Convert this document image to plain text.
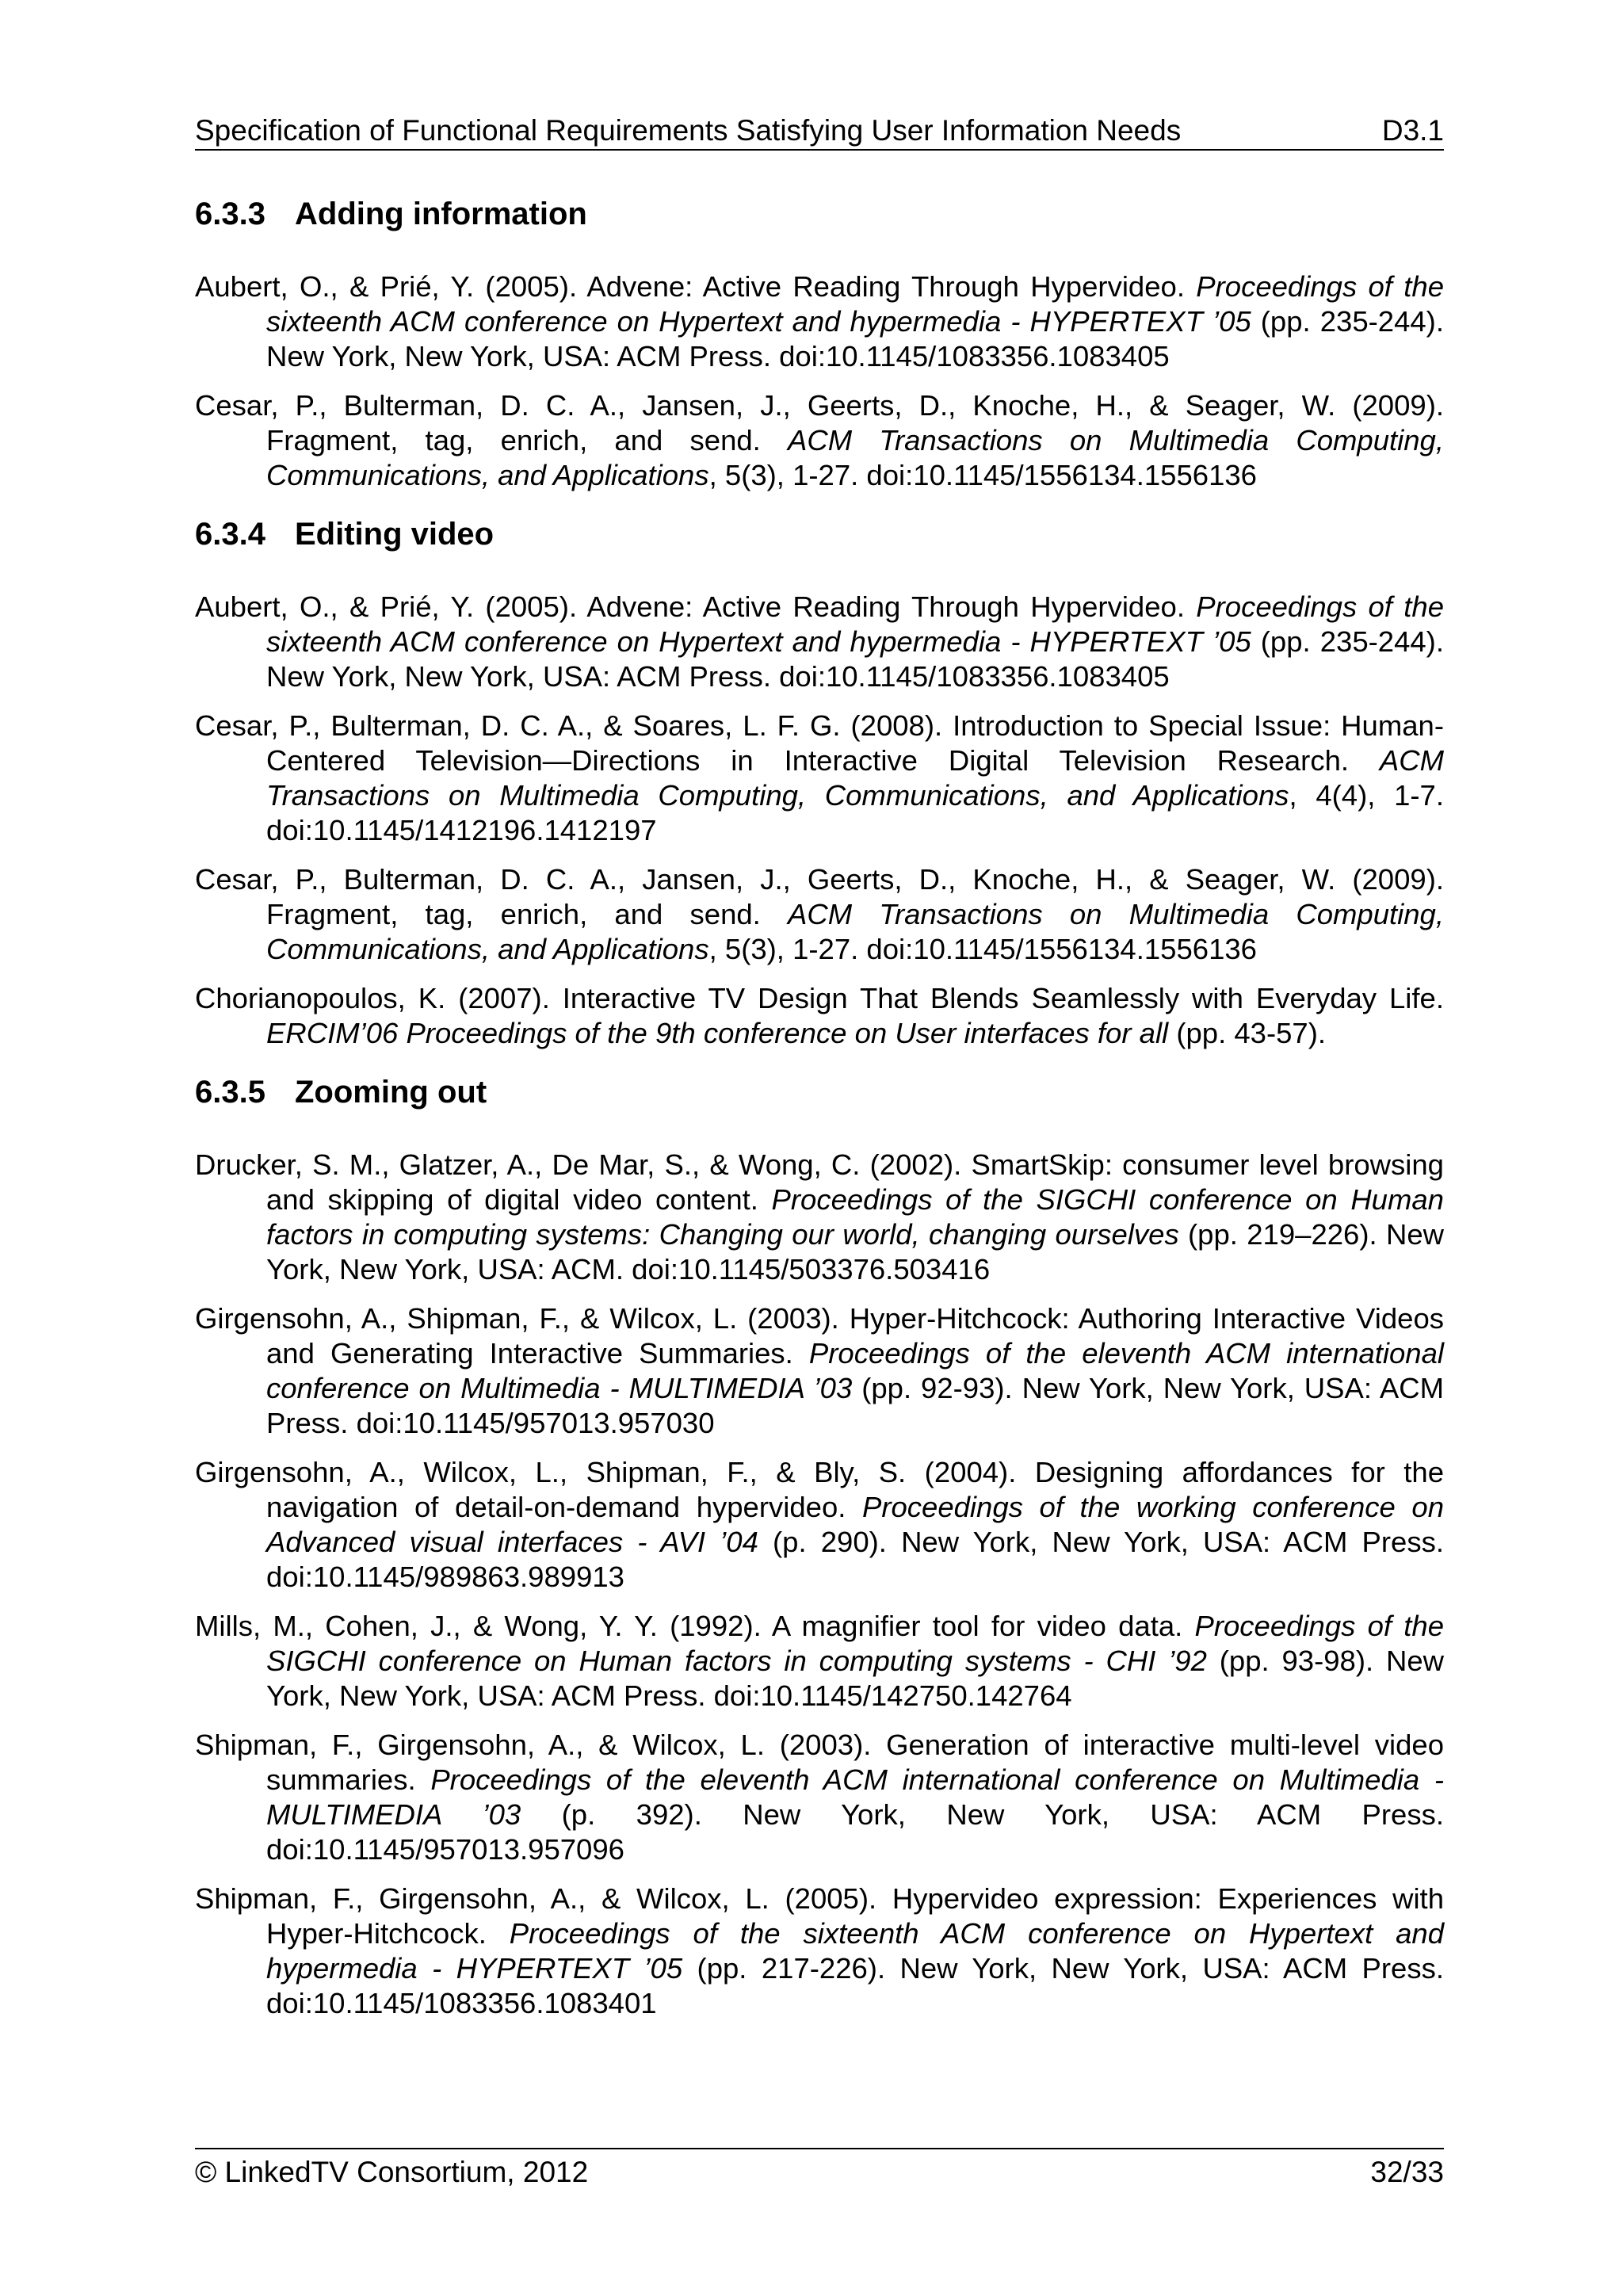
Specification of Functional Requirements Satisfying User Information Needs	D3.1
6.3.3 Adding information

Aubert, O., & Prié, Y. (2005). Advene: Active Reading Through Hypervideo. Proceedings of the sixteenth ACM conference on Hypertext and hypermedia - HYPERTEXT ’05 (pp. 235-244). New York, New York, USA: ACM Press. doi:10.1145/1083356.1083405

Cesar, P., Bulterman, D. C. A., Jansen, J., Geerts, D., Knoche, H., & Seager, W. (2009). Fragment, tag, enrich, and send. ACM Transactions on Multimedia Computing, Communications, and Applications, 5(3), 1-27. doi:10.1145/1556134.1556136

6.3.4 Editing video

Aubert, O., & Prié, Y. (2005). Advene: Active Reading Through Hypervideo. Proceedings of the sixteenth ACM conference on Hypertext and hypermedia - HYPERTEXT ’05 (pp. 235-244). New York, New York, USA: ACM Press. doi:10.1145/1083356.1083405

Cesar, P., Bulterman, D. C. A., & Soares, L. F. G. (2008). Introduction to Special Issue: Human-Centered Television—Directions in Interactive Digital Television Research. ACM Transactions on Multimedia Computing, Communications, and Applications, 4(4), 1-7. doi:10.1145/1412196.1412197

Cesar, P., Bulterman, D. C. A., Jansen, J., Geerts, D., Knoche, H., & Seager, W. (2009). Fragment, tag, enrich, and send. ACM Transactions on Multimedia Computing, Communications, and Applications, 5(3), 1-27. doi:10.1145/1556134.1556136

Chorianopoulos, K. (2007). Interactive TV Design That Blends Seamlessly with Everyday Life. ERCIM’06 Proceedings of the 9th conference on User interfaces for all (pp. 43-57).

6.3.5 Zooming out

Drucker, S. M., Glatzer, A., De Mar, S., & Wong, C. (2002). SmartSkip: consumer level browsing and skipping of digital video content. Proceedings of the SIGCHI conference on Human factors in computing systems: Changing our world, changing ourselves (pp. 219–226). New York, New York, USA: ACM. doi:10.1145/503376.503416

Girgensohn, A., Shipman, F., & Wilcox, L. (2003). Hyper-Hitchcock: Authoring Interactive Videos and Generating Interactive Summaries. Proceedings of the eleventh ACM international conference on Multimedia - MULTIMEDIA ’03 (pp. 92-93). New York, New York, USA: ACM Press. doi:10.1145/957013.957030

Girgensohn, A., Wilcox, L., Shipman, F., & Bly, S. (2004). Designing affordances for the navigation of detail-on-demand hypervideo. Proceedings of the working conference on Advanced visual interfaces - AVI ’04 (p. 290). New York, New York, USA: ACM Press. doi:10.1145/989863.989913

Mills, M., Cohen, J., & Wong, Y. Y. (1992). A magnifier tool for video data. Proceedings of the SIGCHI conference on Human factors in computing systems - CHI ’92 (pp. 93-98). New York, New York, USA: ACM Press. doi:10.1145/142750.142764

Shipman, F., Girgensohn, A., & Wilcox, L. (2003). Generation of interactive multi-level video summaries. Proceedings of the eleventh ACM international conference on Multimedia - MULTIMEDIA ’03 (p. 392). New York, New York, USA: ACM Press. doi:10.1145/957013.957096

Shipman, F., Girgensohn, A., & Wilcox, L. (2005). Hypervideo expression: Experiences with Hyper-Hitchcock. Proceedings of the sixteenth ACM conference on Hypertext and hypermedia - HYPERTEXT ’05 (pp. 217-226). New York, New York, USA: ACM Press. doi:10.1145/1083356.1083401

© LinkedTV Consortium, 2012	32/33
